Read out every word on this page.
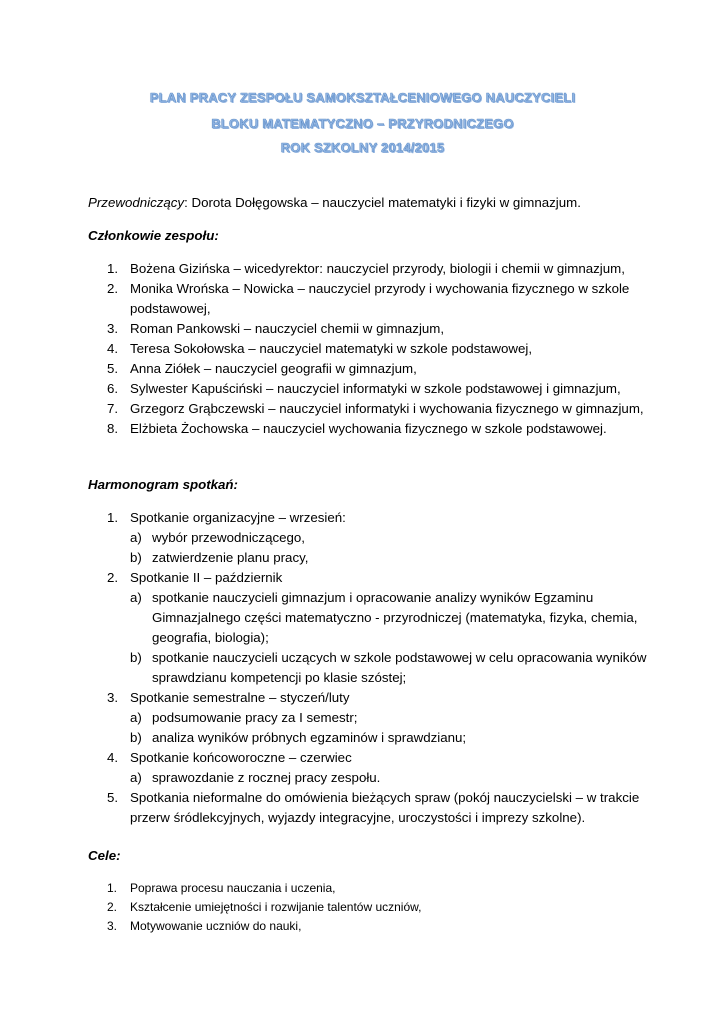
PLAN PRACY ZESPOŁU SAMOKSZTAŁCENIOWEGO NAUCZYCIELI
BLOKU MATEMATYCZNO – PRZYRODNICZEGO
ROK SZKOLNY 2014/2015
Przewodniczący: Dorota Dołęgowska – nauczyciel matematyki i fizyki w gimnazjum.
Członkowie zespołu:
1. Bożena Gizińska – wicedyrektor: nauczyciel przyrody, biologii i chemii w gimnazjum,
2. Monika Wrońska – Nowicka – nauczyciel przyrody i wychowania fizycznego w szkole podstawowej,
3. Roman Pankowski – nauczyciel chemii w gimnazjum,
4. Teresa Sokołowska – nauczyciel matematyki w szkole podstawowej,
5. Anna Ziółek – nauczyciel geografii w gimnazjum,
6. Sylwester Kapuściński – nauczyciel informatyki w szkole podstawowej i gimnazjum,
7. Grzegorz Grąbczewski – nauczyciel informatyki i wychowania fizycznego w gimnazjum,
8. Elżbieta Żochowska – nauczyciel wychowania fizycznego w szkole podstawowej.
Harmonogram spotkań:
1. Spotkanie organizacyjne – wrzesień:
a) wybór przewodniczącego,
b) zatwierdzenie planu pracy,
2. Spotkanie II – październik
a) spotkanie nauczycieli gimnazjum i opracowanie analizy wyników Egzaminu Gimnazjalnego części matematyczno - przyrodniczej (matematyka, fizyka, chemia, geografia, biologia);
b) spotkanie nauczycieli uczących w szkole podstawowej w celu opracowania wyników sprawdzianu kompetencji po klasie szóstej;
3. Spotkanie semestralne – styczeń/luty
a) podsumowanie pracy za I semestr;
b) analiza wyników próbnych egzaminów i sprawdzianu;
4. Spotkanie końcoworoczne – czerwiec
a) sprawozdanie z rocznej pracy zespołu.
5. Spotkania nieformalne do omówienia bieżących spraw (pokój nauczycielski – w trakcie przerw śródlekcyjnych, wyjazdy integracyjne, uroczystości i imprezy szkolne).
Cele:
1. Poprawa procesu nauczania i uczenia,
2. Kształcenie umiejętności i rozwijanie talentów uczniów,
3. Motywowanie uczniów do nauki,
